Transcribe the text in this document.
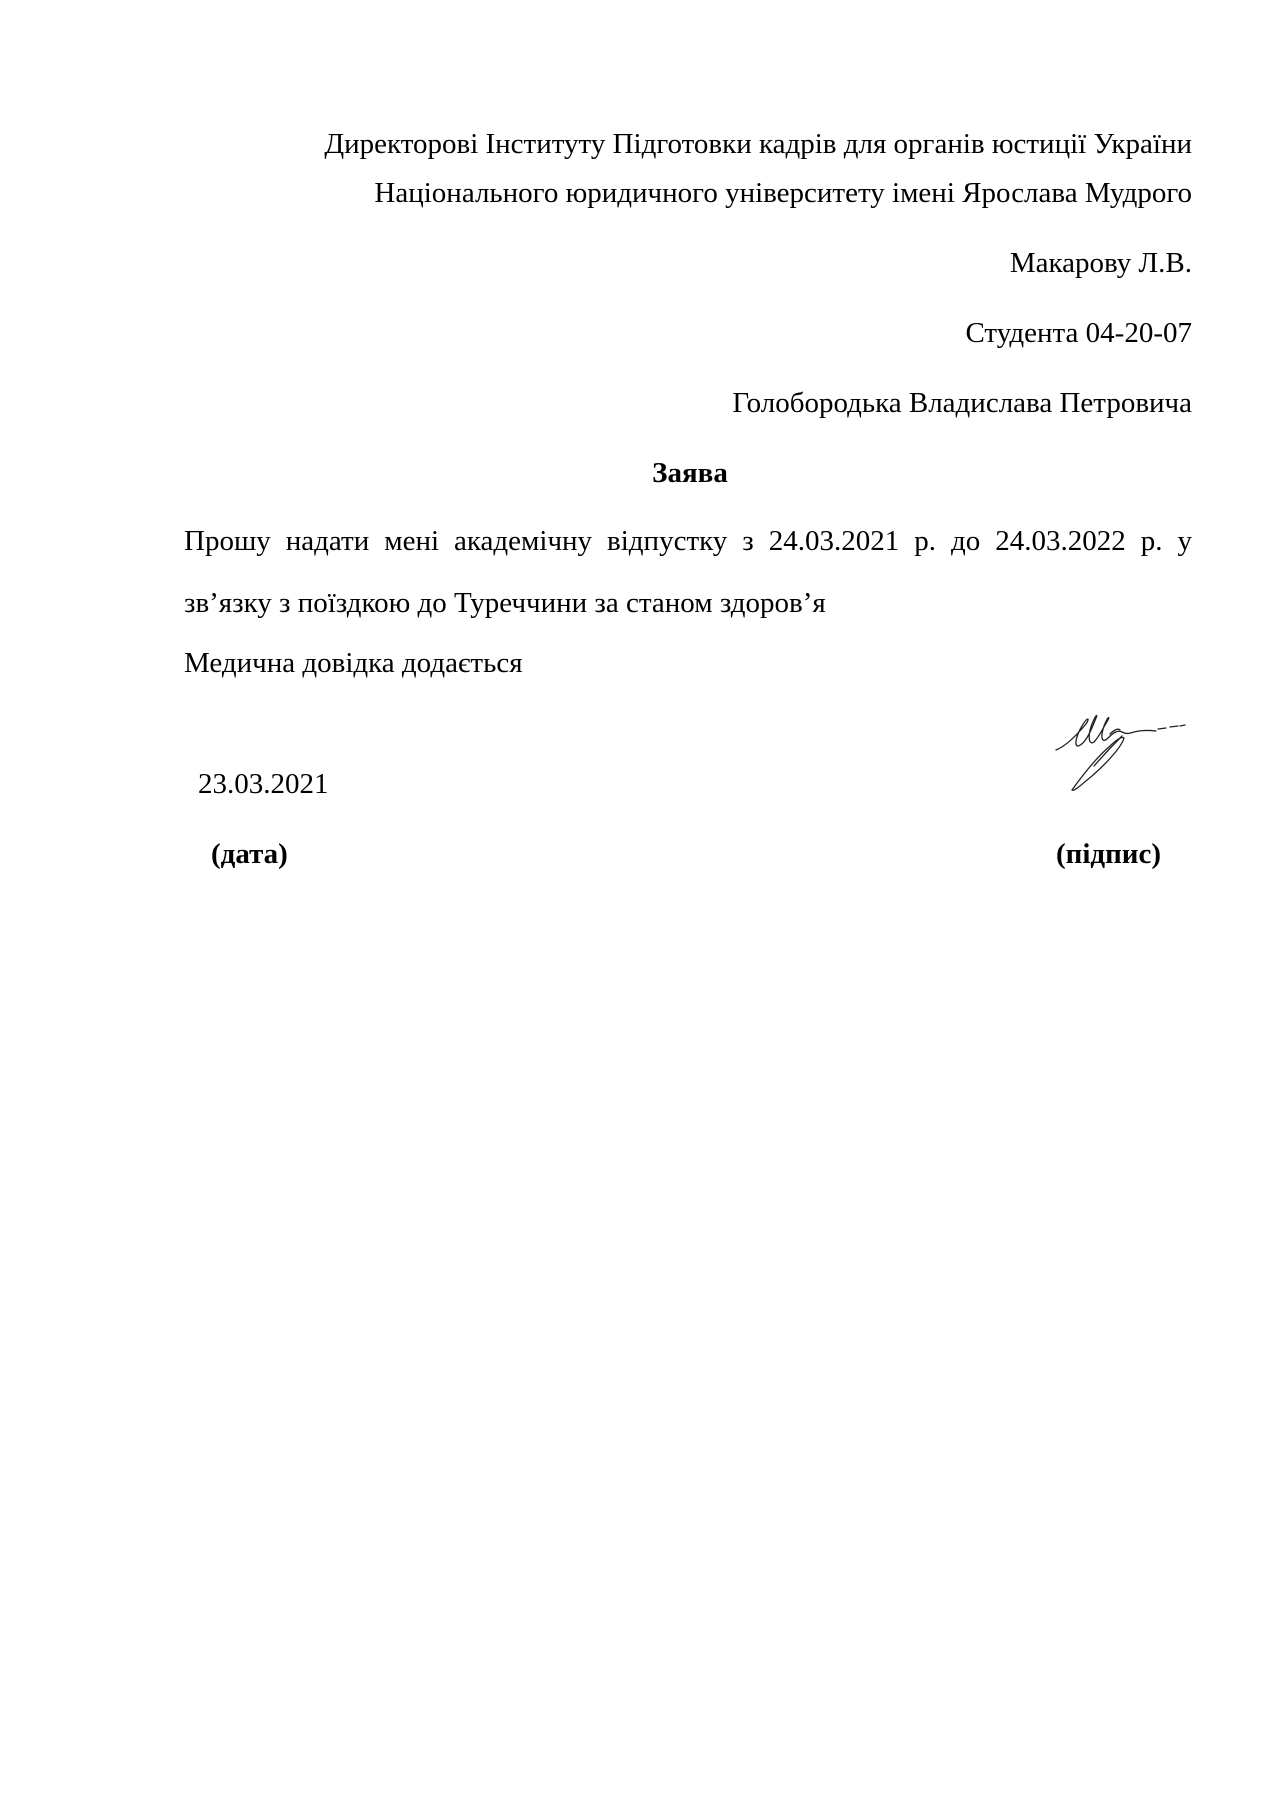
Директорові Інституту Підготовки кадрів для органів юстиції України
Національного юридичного університету імені Ярослава Мудрого
Макарову Л.В.
Студента 04-20-07
Голобородька Владислава Петровича
Заява
Прошу надати мені академічну відпустку з 24.03.2021 р. до 24.03.2022 р. у зв’язку з поїздкою до Туреччини за станом здоров’я
Медична довідка додається
23.03.2021
(дата)	(підпис)
